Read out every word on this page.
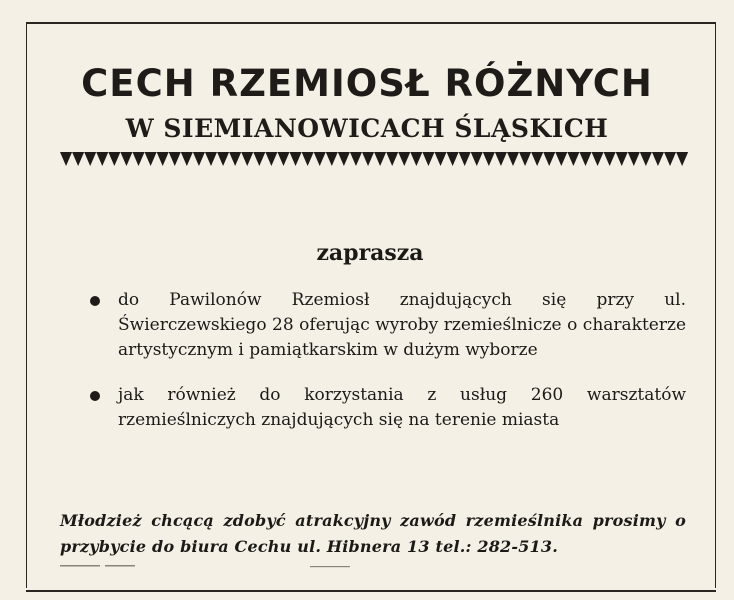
CECH RZEMIOSŁ RÓŻNYCH
W SIEMIANOWICACH ŚLĄSKICH
zaprasza
do Pawilonów Rzemiosł znajdujących się przy ul. Świerczewskiego 28 oferując wyroby rzemieślnicze o charakterze artystycznym i pamiątkarskim w dużym wyborze
jak również do korzystania z usług 260 warsztatów rzemieślniczych znajdujących się na terenie miasta
Młodzież chcącą zdobyć atrakcyjny zawód rzemieślnika prosimy o przybycie do biura Cechu ul. Hibnera 13 tel.: 282-513.
